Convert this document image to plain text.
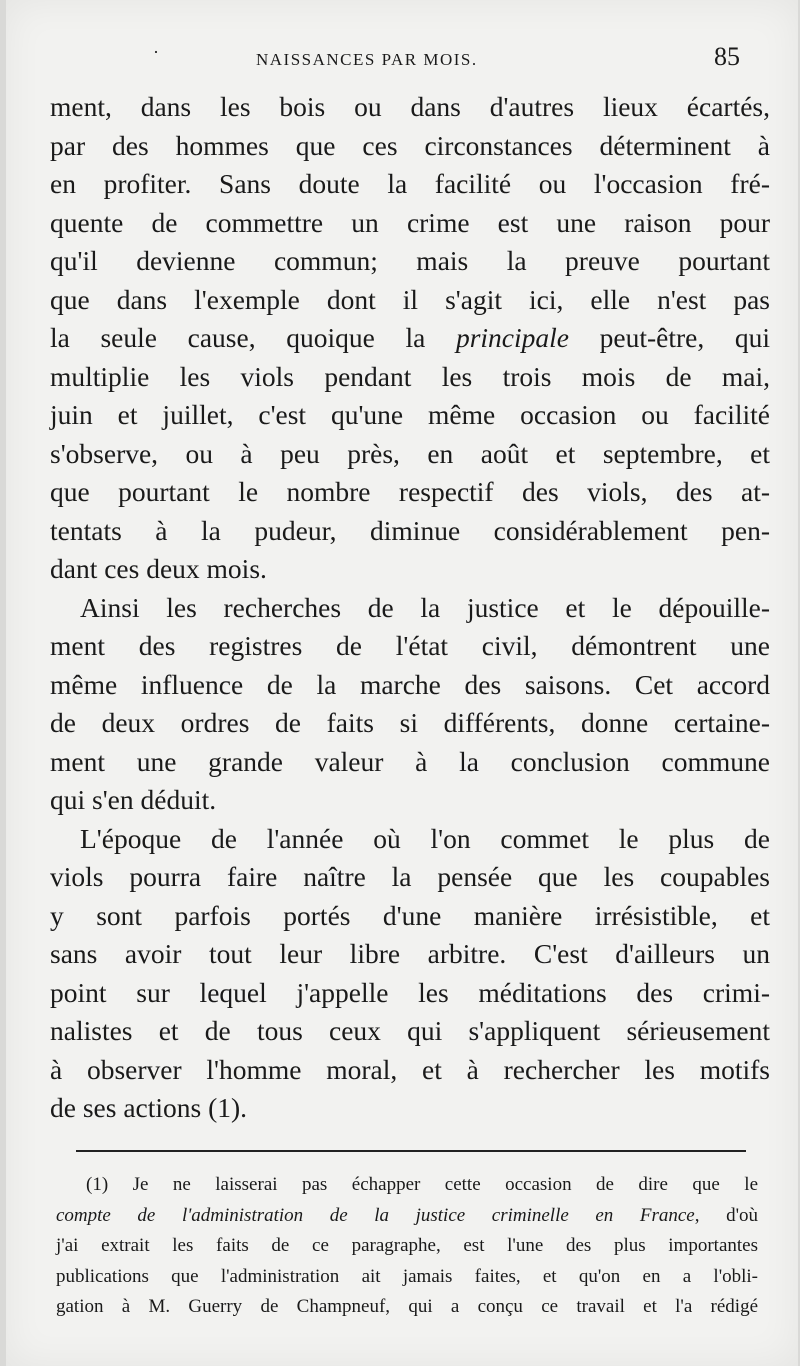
·	NAISSANCES PAR MOIS.	85
ment, dans les bois ou dans d'autres lieux écartés,
par des hommes que ces circonstances déterminent à
en profiter. Sans doute la facilité ou l'occasion fré-
quente de commettre un crime est une raison pour
qu'il devienne commun; mais la preuve pourtant
que dans l'exemple dont il s'agit ici, elle n'est pas
la seule cause, quoique la principale peut-être, qui
multiplie les viols pendant les trois mois de mai,
juin et juillet, c'est qu'une même occasion ou facilité
s'observe, ou à peu près, en août et septembre, et
que pourtant le nombre respectif des viols, des at-
tentats à la pudeur, diminue considérablement pen-
dant ces deux mois.
Ainsi les recherches de la justice et le dépouille-
ment des registres de l'état civil, démontrent une
même influence de la marche des saisons. Cet accord
de deux ordres de faits si différents, donne certaine-
ment une grande valeur à la conclusion commune
qui s'en déduit.
L'époque de l'année où l'on commet le plus de
viols pourra faire naître la pensée que les coupables
y sont parfois portés d'une manière irrésistible, et
sans avoir tout leur libre arbitre. C'est d'ailleurs un
point sur lequel j'appelle les méditations des crimi-
nalistes et de tous ceux qui s'appliquent sérieusement
à observer l'homme moral, et à rechercher les motifs
de ses actions (1).
(1) Je ne laisserai pas échapper cette occasion de dire que le
compte de l'administration de la justice criminelle en France, d'où
j'ai extrait les faits de ce paragraphe, est l'une des plus importantes
publications que l'administration ait jamais faites, et qu'on en a l'obli-
gation à M. Guerry de Champneuf, qui a conçu ce travail et l'a rédigé
